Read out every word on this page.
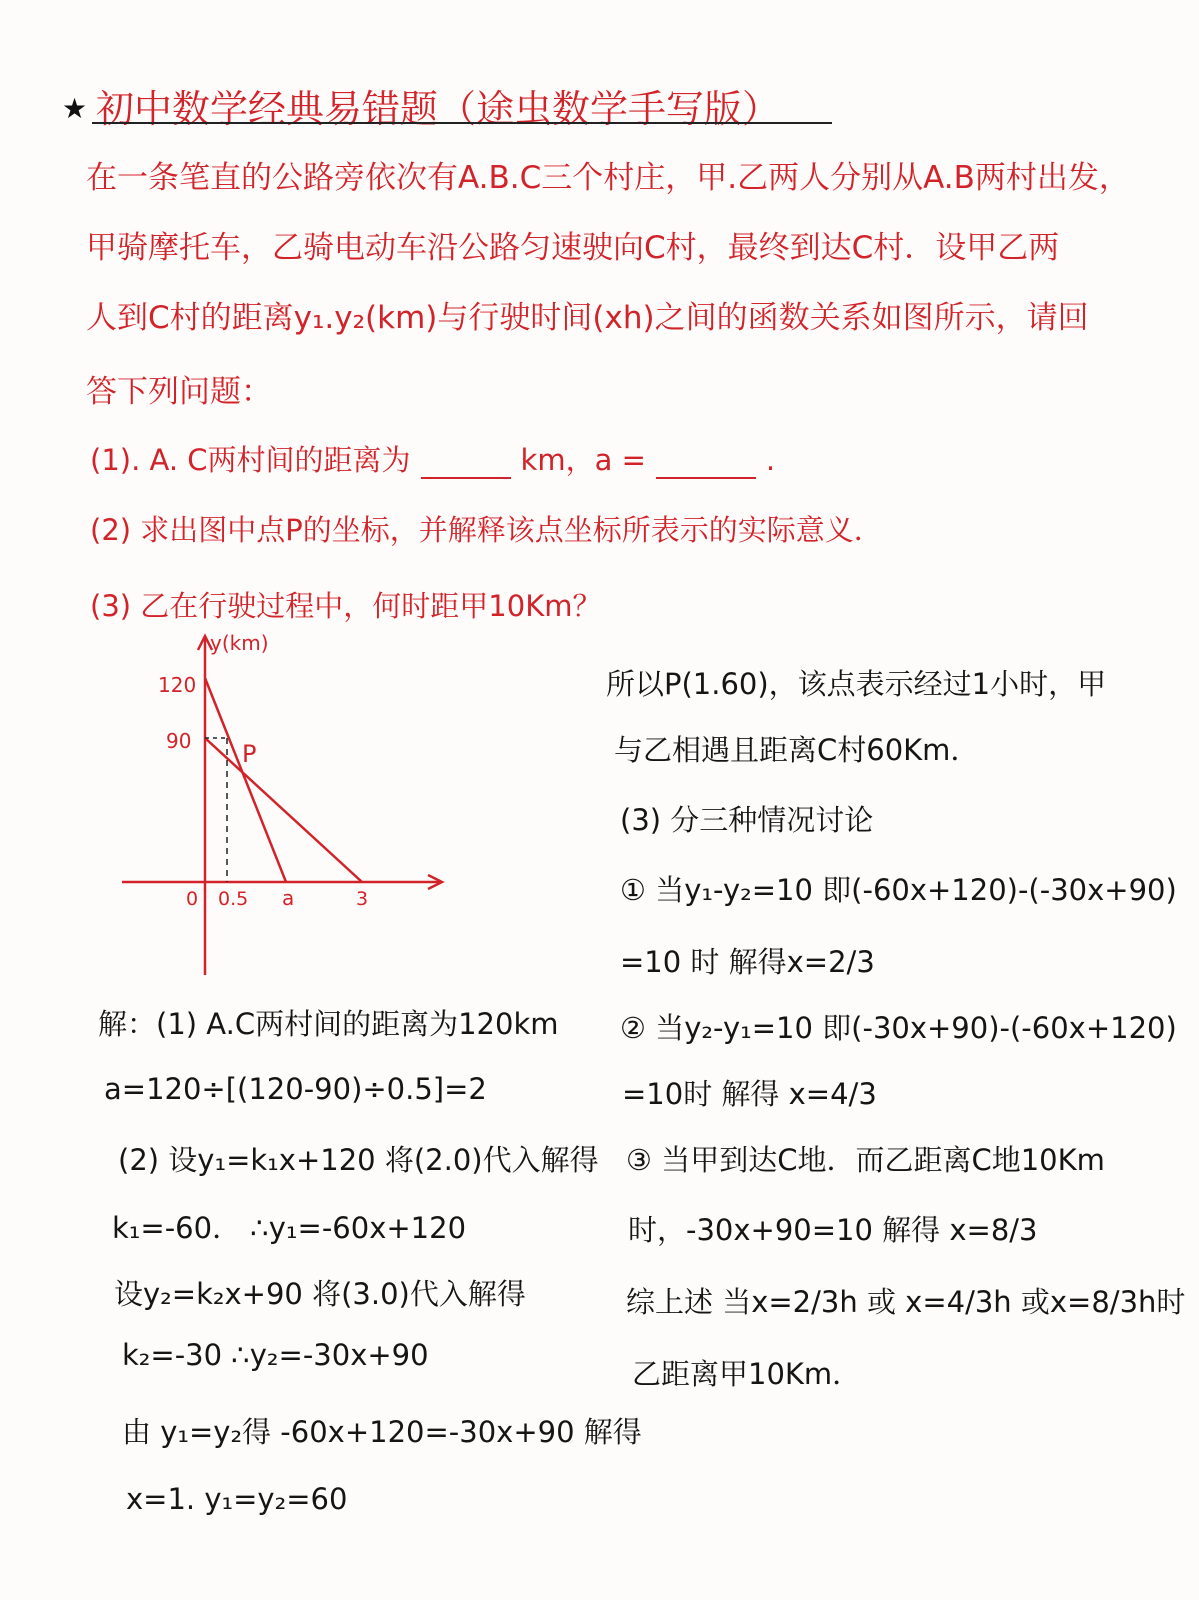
★ 初中数学经典易错题（途虫数学手写版）
在一条笔直的公路旁依次有A.B.C三个村庄，甲.乙两人分别从A.B两村出发，
甲骑摩托车，乙骑电动车沿公路匀速驶向C村，最终到达C村．设甲乙两
人到C村的距离y₁.y₂(km)与行驶时间(xh)之间的函数关系如图所示，请回
答下列问题：
(1). A. C两村间的距离为	km，a =	.
(2) 求出图中点P的坐标，并解释该点坐标所表示的实际意义．
(3) 乙在行驶过程中，何时距甲10Km？
y(km)
120
90 P
0 0.5 a	3
解：(1) A.C两村间的距离为120km
a=120÷[(120-90)÷0.5]=2
(2) 设y₁=k₁x+120 将(2.0)代入解得
k₁=-60． ∴y₁=-60x+120
设y₂=k₂x+90 将(3.0)代入解得
k₂=-30 ∴y₂=-30x+90
由 y₁=y₂得 -60x+120=-30x+90 解得
x=1. y₁=y₂=60
所以P(1.60)，该点表示经过1小时，甲
与乙相遇且距离C村60Km．
(3) 分三种情况讨论
① 当y₁-y₂=10 即(-60x+120)-(-30x+90)
=10 时 解得x=2/3
② 当y₂-y₁=10 即(-30x+90)-(-60x+120)
=10时 解得 x=4/3
③ 当甲到达C地．而乙距离C地10Km
时，-30x+90=10 解得 x=8/3
综上述 当x=2/3h 或 x=4/3h 或x=8/3h时
乙距离甲10Km．
